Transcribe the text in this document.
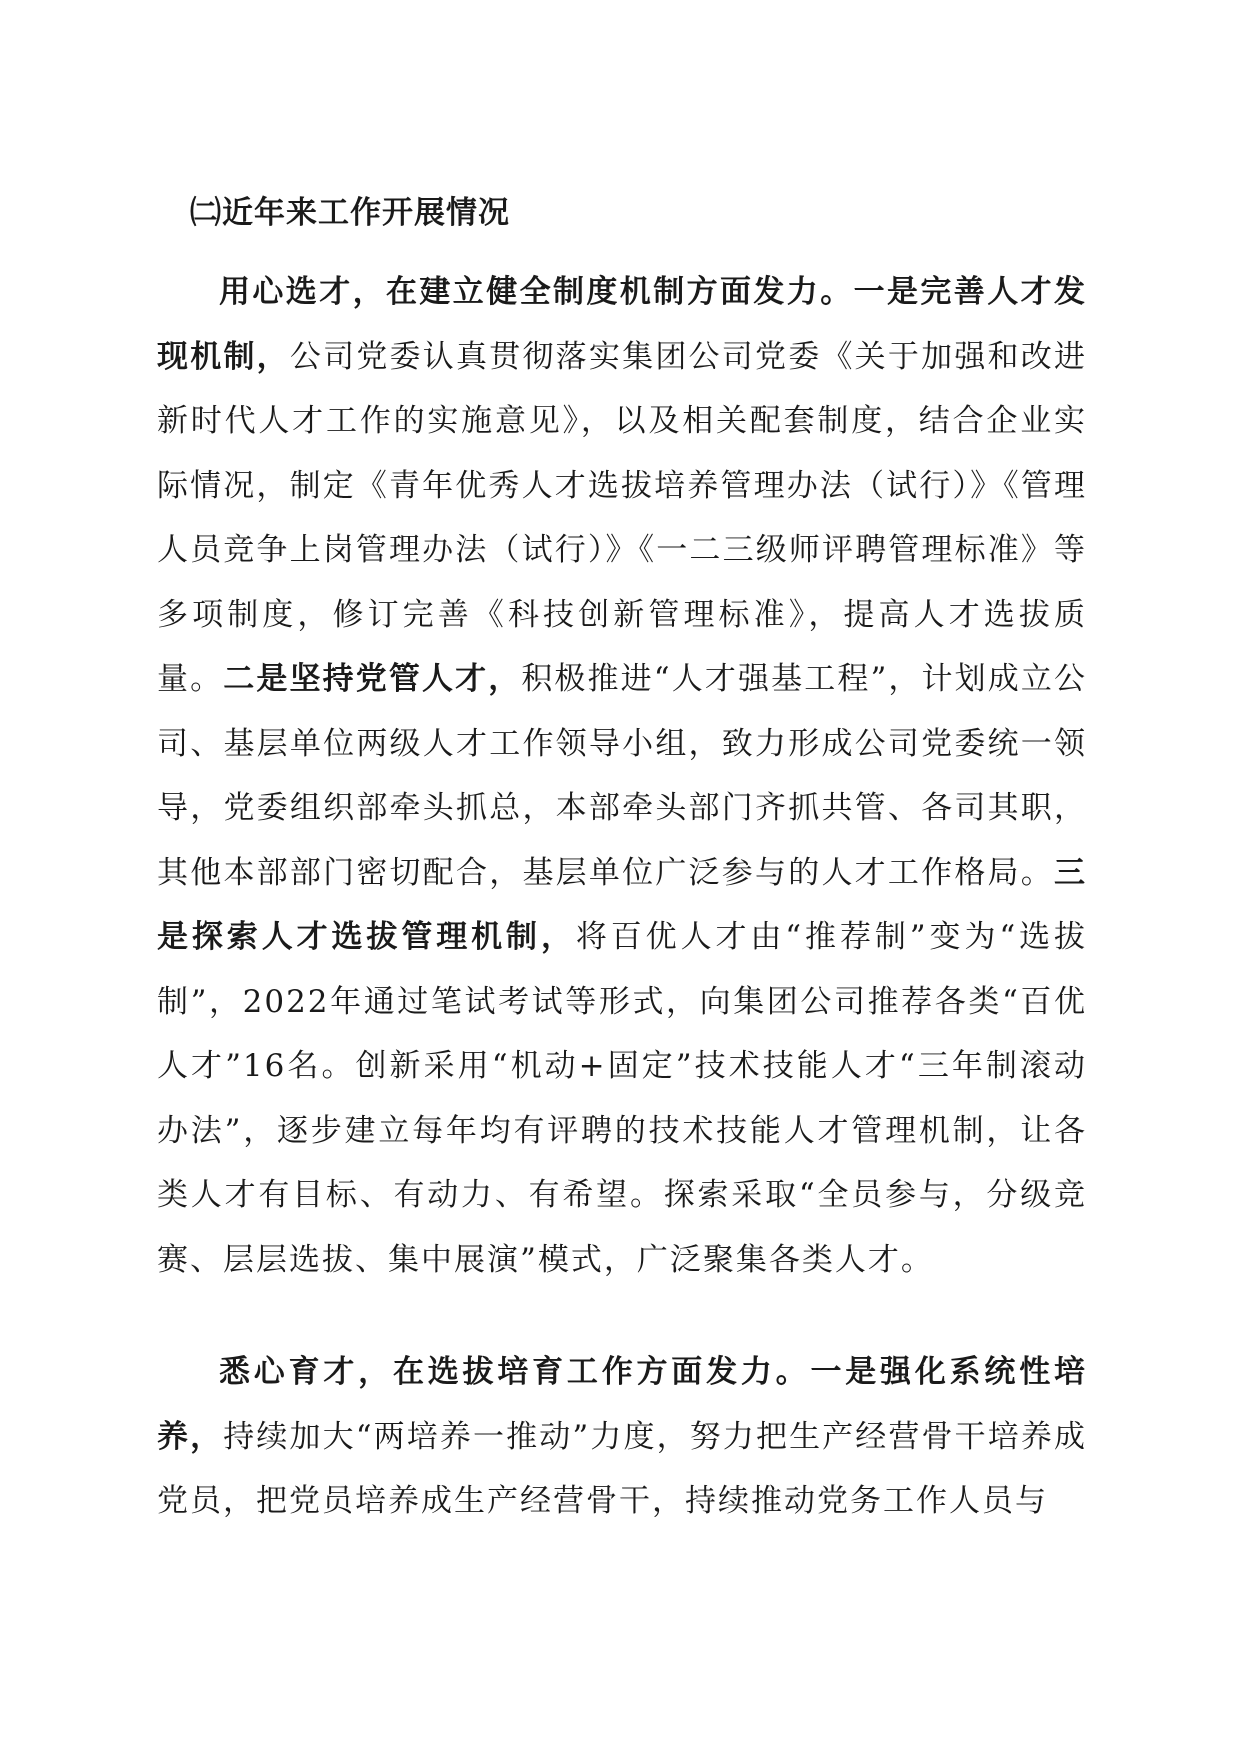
㈡近年来工作开展情况

用心选才，在建立健全制度机制方面发力。一是完善人才发现机制，公司党委认真贯彻落实集团公司党委《关于加强和改进新时代人才工作的实施意见》，以及相关配套制度，结合企业实际情况，制定《青年优秀人才选拔培养管理办法（试行）》《管理人员竞争上岗管理办法（试行）》《一二三级师评聘管理标准》等多项制度，修订完善《科技创新管理标准》，提高人才选拔质量。二是坚持党管人才，积极推进“人才强基工程”，计划成立公司、基层单位两级人才工作领导小组，致力形成公司党委统一领导，党委组织部牵头抓总，本部牵头部门齐抓共管、各司其职，其他本部部门密切配合，基层单位广泛参与的人才工作格局。三是探索人才选拔管理机制，将百优人才由“推荐制”变为“选拔制”，2022年通过笔试考试等形式，向集团公司推荐各类“百优人才”16名。创新采用“机动+固定”技术技能人才“三年制滚动办法”，逐步建立每年均有评聘的技术技能人才管理机制，让各类人才有目标、有动力、有希望。探索采取“全员参与，分级竞赛、层层选拔、集中展演”模式，广泛聚集各类人才。

悉心育才，在选拔培育工作方面发力。一是强化系统性培养，持续加大“两培养一推动”力度，努力把生产经营骨干培养成党员，把党员培养成生产经营骨干，持续推动党务工作人员与
